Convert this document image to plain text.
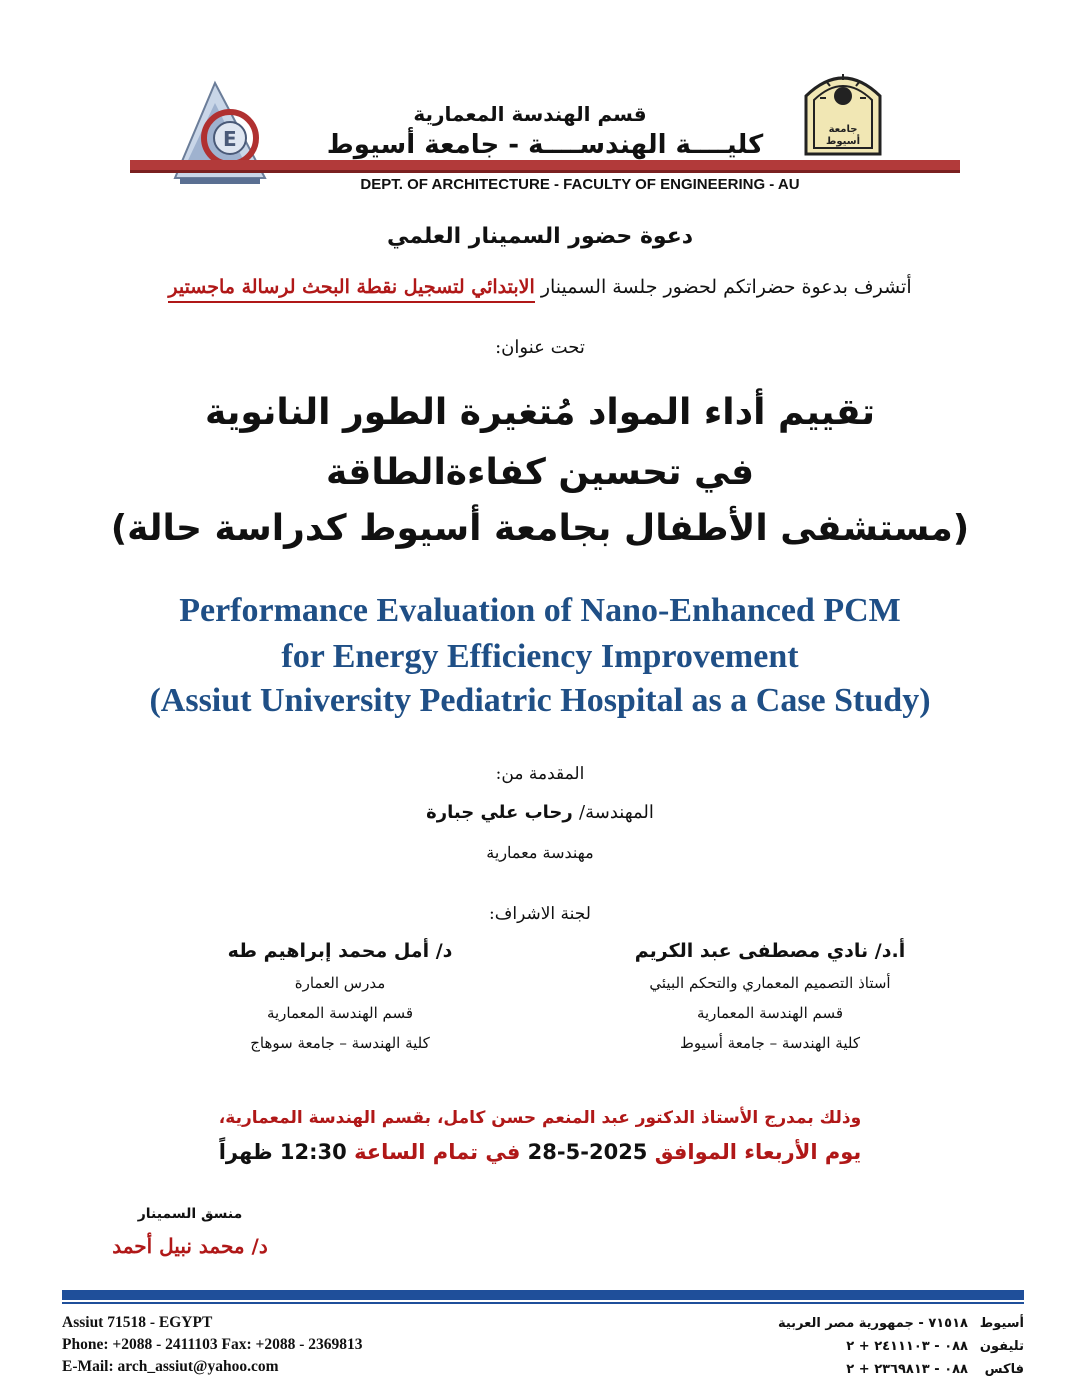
E	جامعة
أسيوط
قسم الهندسة المعمارية
كليــــة الهندســــة - جامعة أسيوط
DEPT. OF ARCHITECTURE - FACULTY OF ENGINEERING - AU
دعوة حضور السمينار العلمي
أتشرف بدعوة حضراتكم لحضور جلسة السمينار الابتدائي لتسجيل نقطة البحث لرسالة ماجستير
تحت عنوان:
تقييم أداء المواد مُتغيرة الطور النانوية
في تحسين كفاءةالطاقة
(مستشفى الأطفال بجامعة أسيوط كدراسة حالة)
Performance Evaluation of Nano-Enhanced PCM
for Energy Efficiency Improvement
(Assiut University Pediatric Hospital as a Case Study)
المقدمة من:
المهندسة/ رحاب علي جبارة
مهندسة معمارية
لجنة الاشراف:
أ.د/ نادي مصطفى عبد الكريم
أستاذ التصميم المعماري والتحكم البيئي
قسم الهندسة المعمارية
كلية الهندسة – جامعة أسيوط
د/ أمل محمد إبراهيم طه
مدرس العمارة
قسم الهندسة المعمارية
كلية الهندسة – جامعة سوهاج
وذلك بمدرج الأستاذ الدكتور عبد المنعم حسن كامل، بقسم الهندسة المعمارية،
يوم الأربعاء الموافق 2025-5-28 في تمام الساعة 12:30 ظهراً
منسق السمينار
د/ محمد نبيل أحمد
Assiut 71518 - EGYPT
Phone: +2088 - 2411103 Fax: +2088 - 2369813
E-Mail: arch_assiut@yahoo.com
أسيوط٧١٥١٨ - جمهورية مصر العربية
تليفون٠٨٨ - ٢٤١١١٠٣ + ٢
فاكس٠٨٨ - ٢٣٦٩٨١٣ + ٢
